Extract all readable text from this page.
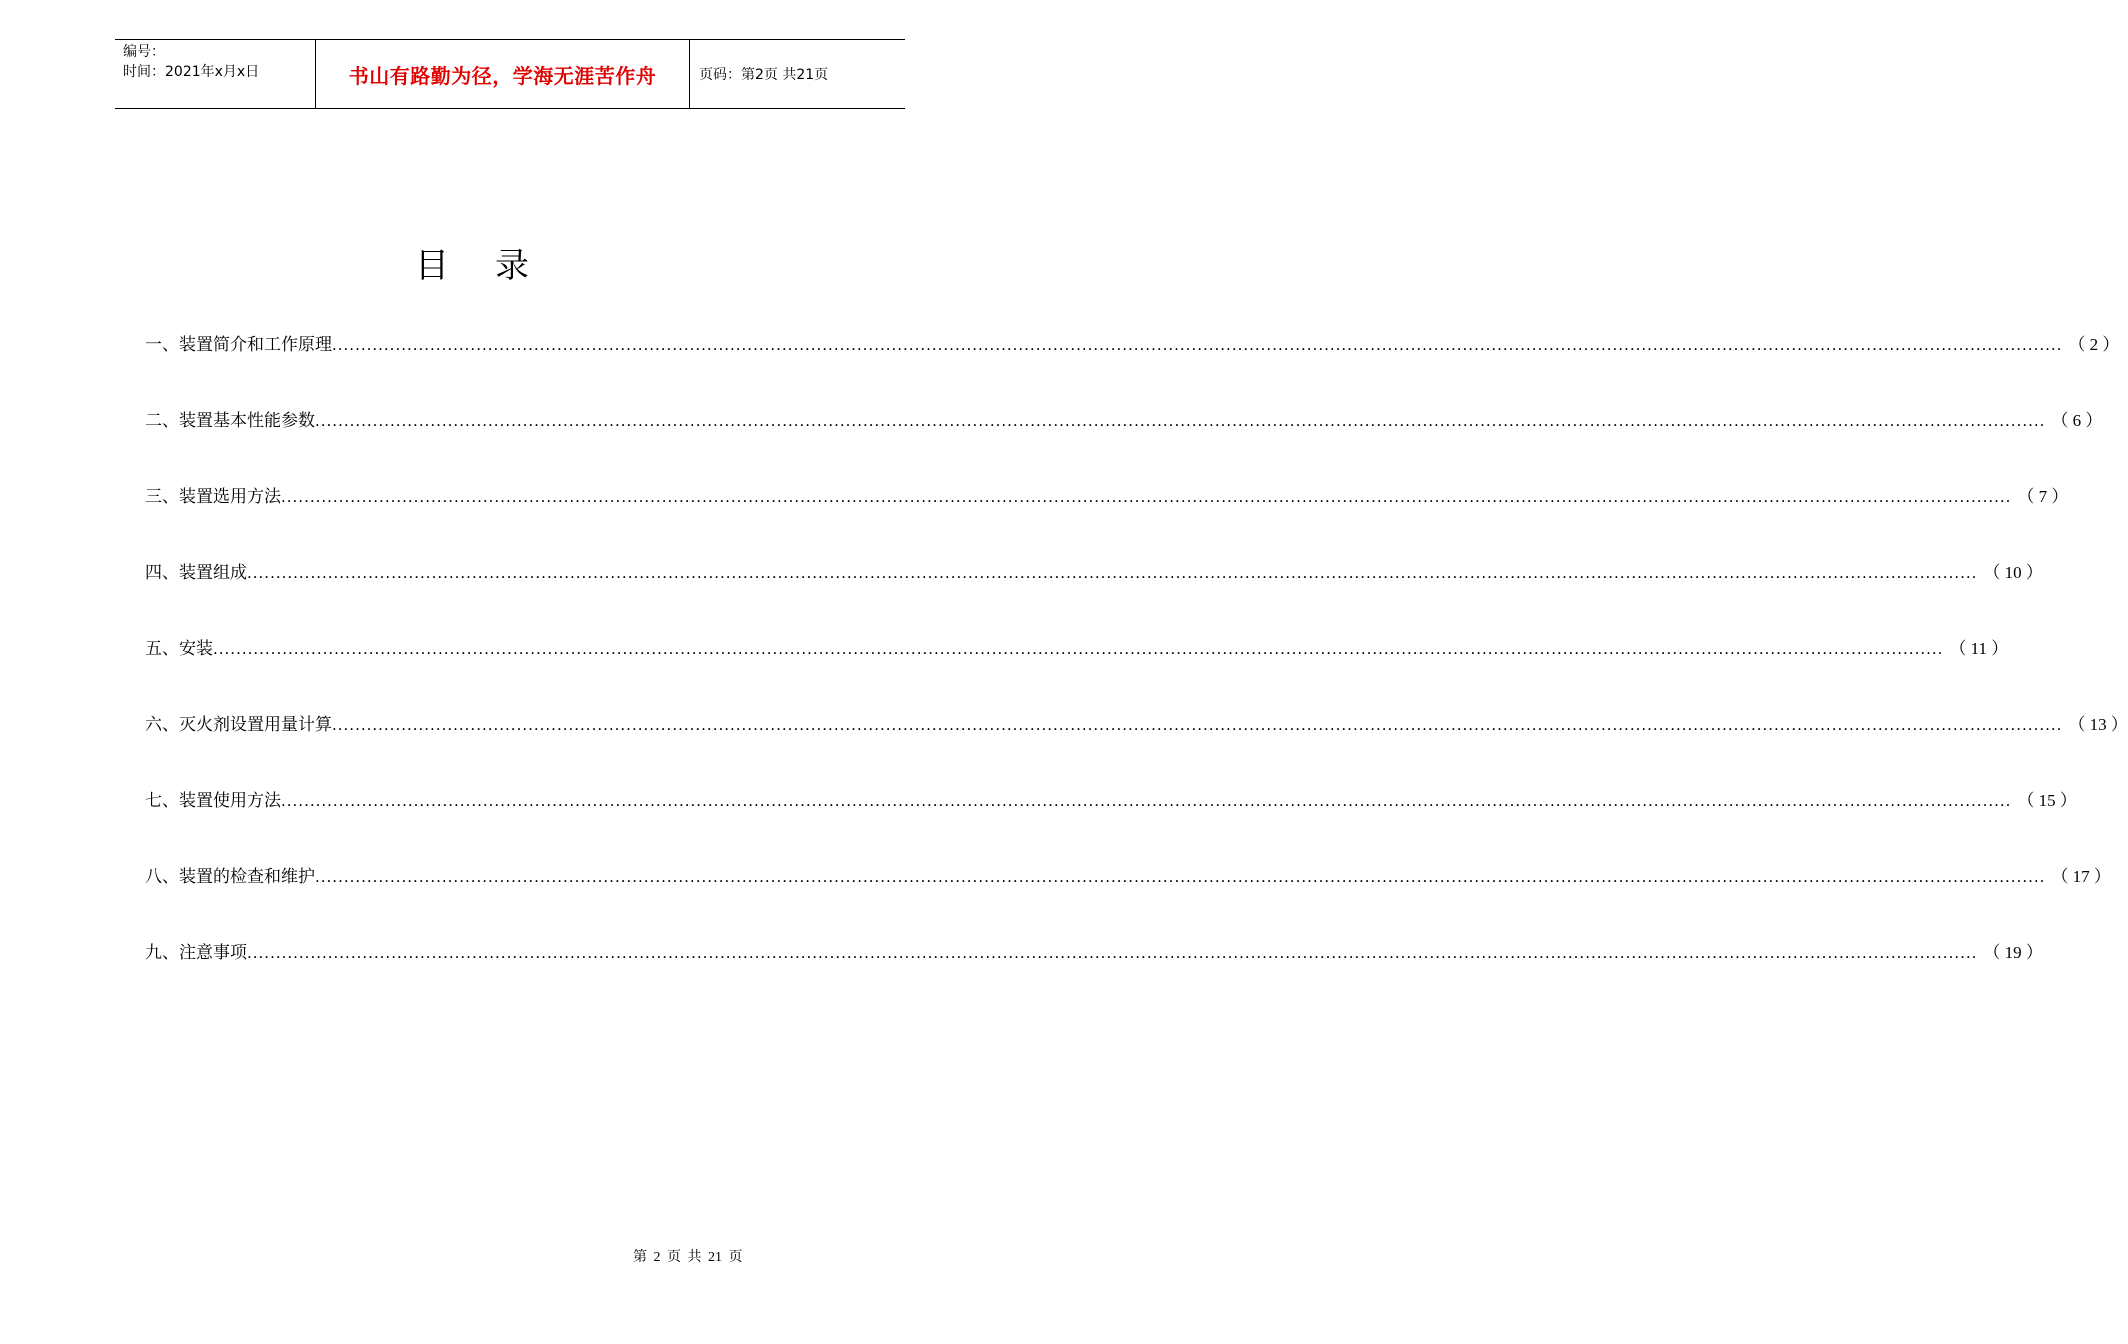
编号：
时间：2021年x月x日	书山有路勤为径，学海无涯苦作舟	页码：第2页 共21页
目录
一、装置简介和工作原理 ............................................................................................................................................................................................................................................................................................................ （ 2 ）
二、装置基本性能参数 ............................................................................................................................................................................................................................................................................................................ （ 6 ）
三、装置选用方法 ............................................................................................................................................................................................................................................................................................................ （ 7 ）
四、装置组成 ............................................................................................................................................................................................................................................................................................................ （ 10 ）
五、安装 ............................................................................................................................................................................................................................................................................................................ （ 11 ）
六、灭火剂设置用量计算 ............................................................................................................................................................................................................................................................................................................ （ 13 ）
七、装置使用方法 ............................................................................................................................................................................................................................................................................................................ （ 15 ）
八、装置的检查和维护 ............................................................................................................................................................................................................................................................................................................ （ 17 ）
九、注意事项 ............................................................................................................................................................................................................................................................................................................ （ 19 ）
第 2 页 共 21 页
